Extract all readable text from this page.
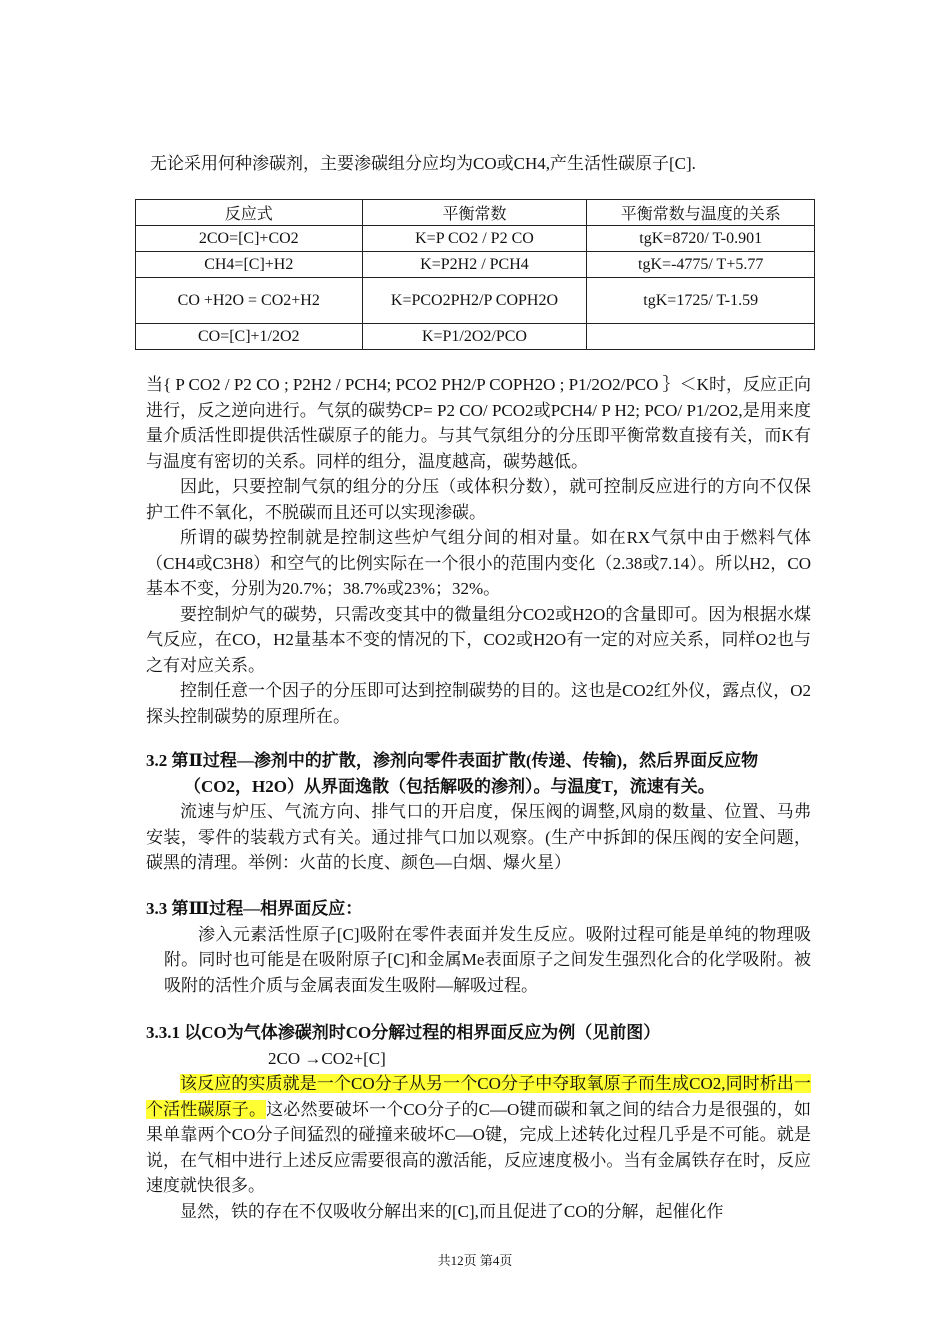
无论采用何种渗碳剂，主要渗碳组分应均为CO或CH4,产生活性碳原子[C].
反应式	平衡常数	平衡常数与温度的关系
2CO=[C]+CO2	K=P CO2 / P2 CO	tgK=8720/ T-0.901
CH4=[C]+H2	K=P2H2 / PCH4	tgK=-4775/ T+5.77
CO +H2O = CO2+H2	K=PCO2PH2/P COPH2O	tgK=1725/ T-1.59
CO=[C]+1/2O2	K=P1/2O2/PCO	

当{ P CO2 / P2 CO ; P2H2 / PCH4; PCO2 PH2/P COPH2O ; P1/2O2/PCO ｝＜K时，反应正向进行，反之逆向进行。气氛的碳势CP= P2 CO/ PCO2或PCH4/ P H2; PCO/ P1/2O2,是用来度量介质活性即提供活性碳原子的能力。与其气氛组分的分压即平衡常数直接有关，而K有与温度有密切的关系。同样的组分，温度越高，碳势越低。

因此，只要控制气氛的组分的分压（或体积分数），就可控制反应进行的方向不仅保护工件不氧化，不脱碳而且还可以实现渗碳。

所谓的碳势控制就是控制这些炉气组分间的相对量。如在RX气氛中由于燃料气体（CH4或C3H8）和空气的比例实际在一个很小的范围内变化（2.38或7.14）。所以H2，CO基本不变，分别为20.7%；38.7%或23%；32%。

要控制炉气的碳势，只需改变其中的微量组分CO2或H2O的含量即可。因为根据水煤气反应，在CO，H2量基本不变的情况的下，CO2或H2O有一定的对应关系，同样O2也与之有对应关系。

控制任意一个因子的分压即可达到控制碳势的目的。这也是CO2红外仪，露点仪，O2探头控制碳势的原理所在。

3.2 第Ⅱ过程—渗剂中的扩散，渗剂向零件表面扩散(传递、传输)，然后界面反应物（CO2，H2O）从界面逸散（包括解吸的渗剂）。与温度T，流速有关。

流速与炉压、气流方向、排气口的开启度，保压阀的调整,风扇的数量、位置、马弗安装，零件的装载方式有关。通过排气口加以观察。(生产中拆卸的保压阀的安全问题，碳黑的清理。举例：火苗的长度、颜色—白烟、爆火星）

3.3 第Ⅲ过程—相界面反应：

渗入元素活性原子[C]吸附在零件表面并发生反应。吸附过程可能是单纯的物理吸附。同时也可能是在吸附原子[C]和金属Me表面原子之间发生强烈化合的化学吸附。被吸附的活性介质与金属表面发生吸附—解吸过程。

3.3.1 以CO为气体渗碳剂时CO分解过程的相界面反应为例（见前图）

2CO →CO2+[C]

该反应的实质就是一个CO分子从另一个CO分子中夺取氧原子而生成CO2,同时析出一个活性碳原子。这必然要破坏一个CO分子的C—O键而碳和氧之间的结合力是很强的，如果单靠两个CO分子间猛烈的碰撞来破坏C—O键，完成上述转化过程几乎是不可能。就是说，在气相中进行上述反应需要很高的激活能，反应速度极小。当有金属铁存在时，反应速度就快很多。

显然，铁的存在不仅吸收分解出来的[C],而且促进了CO的分解，起催化作

共12页 第4页
